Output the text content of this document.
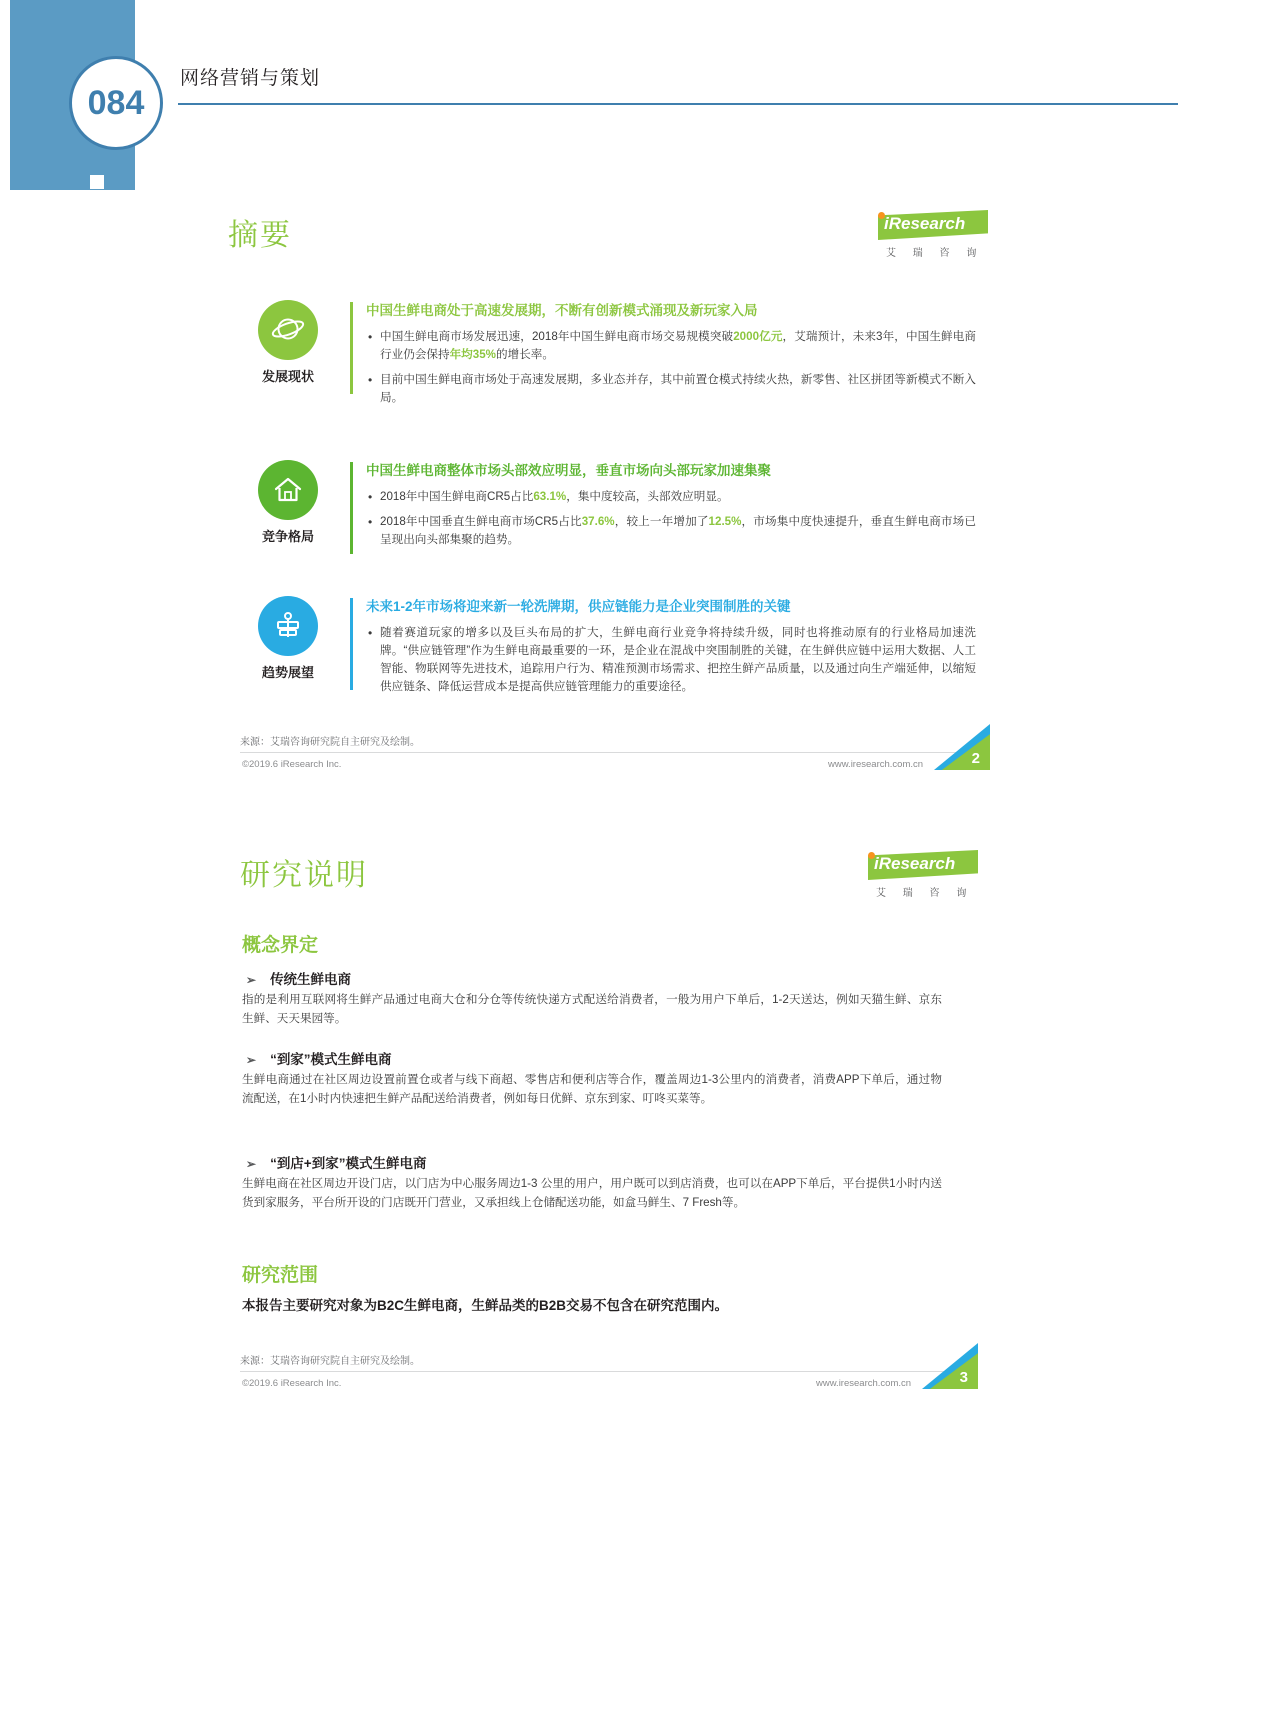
084
网络营销与策划
摘要	iResearch
艾 瑞 咨 询
发展现状
中国生鲜电商处于高速发展期，不断有创新模式涌现及新玩家入局
• 中国生鲜电商市场发展迅速，2018年中国生鲜电商市场交易规模突破2000亿元，艾瑞预计，未来3年，中国生鲜电商行业仍会保持年均35%的增长率。
• 目前中国生鲜电商市场处于高速发展期，多业态并存，其中前置仓模式持续火热，新零售、社区拼团等新模式不断入局。
竞争格局
中国生鲜电商整体市场头部效应明显，垂直市场向头部玩家加速集聚
• 2018年中国生鲜电商CR5占比63.1%，集中度较高，头部效应明显。
• 2018年中国垂直生鲜电商市场CR5占比37.6%，较上一年增加了12.5%，市场集中度快速提升，垂直生鲜电商市场已呈现出向头部集聚的趋势。
趋势展望
未来1-2年市场将迎来新一轮洗牌期，供应链能力是企业突围制胜的关键
• 随着赛道玩家的增多以及巨头布局的扩大，生鲜电商行业竞争将持续升级，同时也将推动原有的行业格局加速洗牌。“供应链管理”作为生鲜电商最重要的一环，是企业在混战中突围制胜的关键，在生鲜供应链中运用大数据、人工智能、物联网等先进技术，追踪用户行为、精准预测市场需求、把控生鲜产品质量，以及通过向生产端延伸，以缩短供应链条、降低运营成本是提高供应链管理能力的重要途径。
来源：艾瑞咨询研究院自主研究及绘制。
©2019.6 iResearch Inc.	www.iresearch.com.cn	2
研究说明	iResearch
艾 瑞 咨 询
概念界定
➢ 传统生鲜电商
指的是利用互联网将生鲜产品通过电商大仓和分仓等传统快递方式配送给消费者，一般为用户下单后，1-2天送达，例如天猫生鲜、京东生鲜、天天果园等。
➢ “到家”模式生鲜电商
生鲜电商通过在社区周边设置前置仓或者与线下商超、零售店和便利店等合作，覆盖周边1-3公里内的消费者，消费APP下单后，通过物流配送，在1小时内快速把生鲜产品配送给消费者，例如每日优鲜、京东到家、叮咚买菜等。
➢ “到店+到家”模式生鲜电商
生鲜电商在社区周边开设门店，以门店为中心服务周边1-3 公里的用户，用户既可以到店消费，也可以在APP下单后，平台提供1小时内送货到家服务，平台所开设的门店既开门营业，又承担线上仓储配送功能，如盒马鲜生、7 Fresh等。
研究范围
本报告主要研究对象为B2C生鲜电商，生鲜品类的B2B交易不包含在研究范围内。
来源：艾瑞咨询研究院自主研究及绘制。
©2019.6 iResearch Inc.	www.iresearch.com.cn	3
